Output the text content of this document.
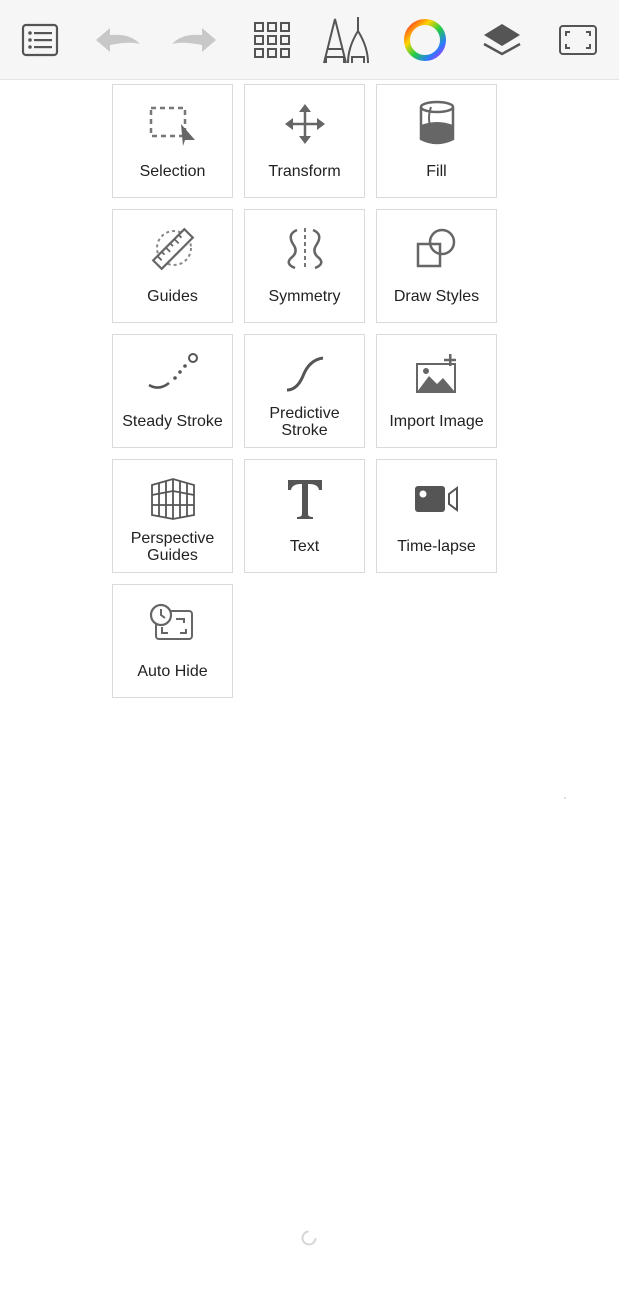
Selection	Transform	Fill
Guides	Symmetry	Draw Styles
Steady Stroke	Predictive
Stroke
Import Image
Perspective
Guides
Text	Time-lapse
Auto Hide
